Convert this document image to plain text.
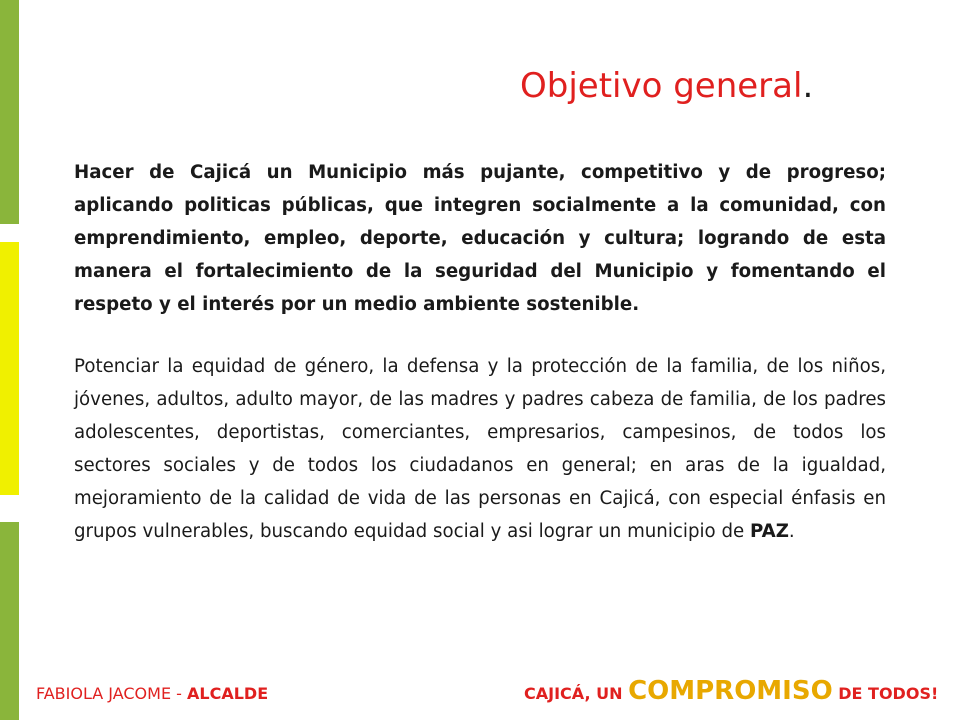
Objetivo general.

Hacer de Cajicá un Municipio más pujante, competitivo y de progreso; aplicando politicas públicas, que integren socialmente a la comunidad, con emprendimiento, empleo, deporte, educación y cultura; logrando de esta manera el fortalecimiento de la seguridad del Municipio y fomentando el respeto y el interés por un medio ambiente sostenible.

Potenciar la equidad de género, la defensa y la protección de la familia, de los niños, jóvenes, adultos, adulto mayor, de las madres y padres cabeza de familia, de los padres adolescentes, deportistas, comerciantes, empresarios, campesinos, de todos los sectores sociales y de todos los ciudadanos en general; en aras de la igualdad, mejoramiento de la calidad de vida de las personas en Cajicá, con especial énfasis en grupos vulnerables, buscando equidad social y asi lograr un municipio de PAZ.

FABIOLA JACOME - ALCALDE	CAJICÁ, UN COMPROMISO DE TODOS!
